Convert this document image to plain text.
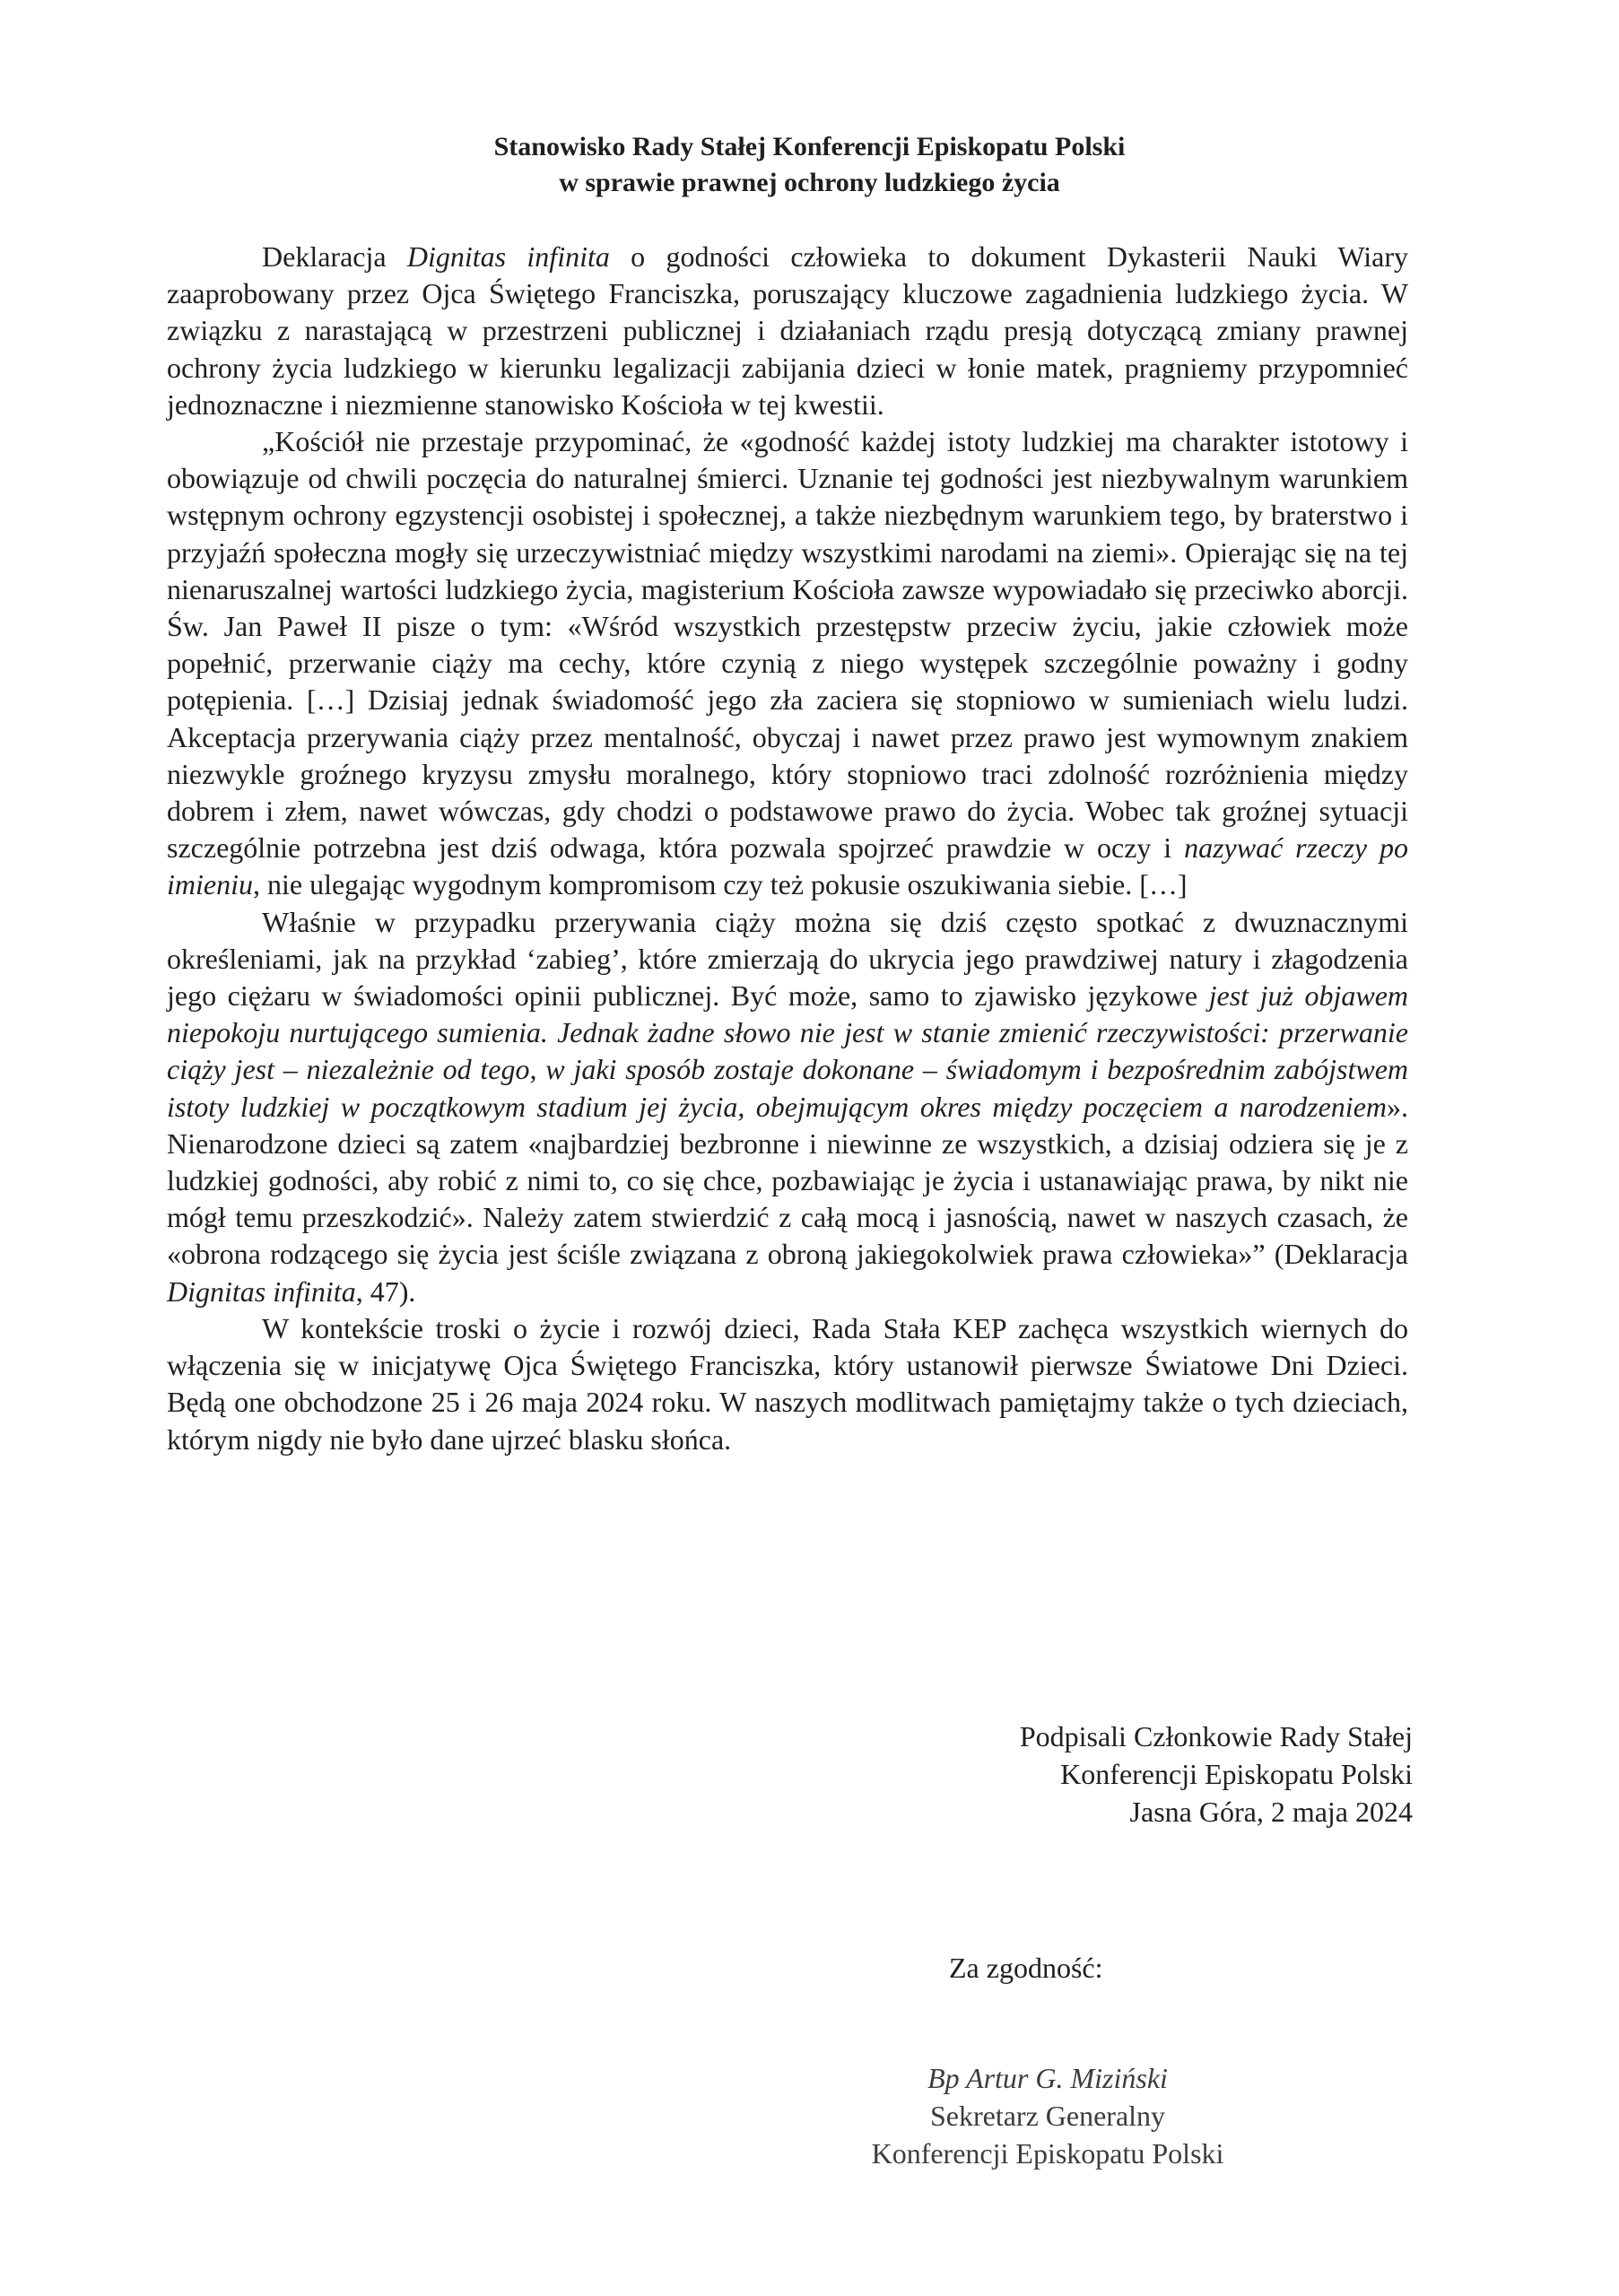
Stanowisko Rady Stałej Konferencji Episkopatu Polski
w sprawie prawnej ochrony ludzkiego życia

Deklaracja Dignitas infinita o godności człowieka to dokument Dykasterii Nauki Wiary zaaprobowany przez Ojca Świętego Franciszka, poruszający kluczowe zagadnienia ludzkiego życia. W związku z narastającą w przestrzeni publicznej i działaniach rządu presją dotyczącą zmiany prawnej ochrony życia ludzkiego w kierunku legalizacji zabijania dzieci w łonie matek, pragniemy przypomnieć jednoznaczne i niezmienne stanowisko Kościoła w tej kwestii.

„Kościół nie przestaje przypominać, że «godność każdej istoty ludzkiej ma charakter istotowy i obowiązuje od chwili poczęcia do naturalnej śmierci. Uznanie tej godności jest niezbywalnym warunkiem wstępnym ochrony egzystencji osobistej i społecznej, a także niezbędnym warunkiem tego, by braterstwo i przyjaźń społeczna mogły się urzeczywistniać między wszystkimi narodami na ziemi». Opierając się na tej nienaruszalnej wartości ludzkiego życia, magisterium Kościoła zawsze wypowiadało się przeciwko aborcji. Św. Jan Paweł II pisze o tym: «Wśród wszystkich przestępstw przeciw życiu, jakie człowiek może popełnić, przerwanie ciąży ma cechy, które czynią z niego występek szczególnie poważny i godny potępienia. […] Dzisiaj jednak świadomość jego zła zaciera się stopniowo w sumieniach wielu ludzi. Akceptacja przerywania ciąży przez mentalność, obyczaj i nawet przez prawo jest wymownym znakiem niezwykle groźnego kryzysu zmysłu moralnego, który stopniowo traci zdolność rozróżnienia między dobrem i złem, nawet wówczas, gdy chodzi o podstawowe prawo do życia. Wobec tak groźnej sytuacji szczególnie potrzebna jest dziś odwaga, która pozwala spojrzeć prawdzie w oczy i nazywać rzeczy po imieniu, nie ulegając wygodnym kompromisom czy też pokusie oszukiwania siebie. […]

Właśnie w przypadku przerywania ciąży można się dziś często spotkać z dwuznacznymi określeniami, jak na przykład ‘zabieg’, które zmierzają do ukrycia jego prawdziwej natury i złagodzenia jego ciężaru w świadomości opinii publicznej. Być może, samo to zjawisko językowe jest już objawem niepokoju nurtującego sumienia. Jednak żadne słowo nie jest w stanie zmienić rzeczywistości: przerwanie ciąży jest – niezależnie od tego, w jaki sposób zostaje dokonane – świadomym i bezpośrednim zabójstwem istoty ludzkiej w początkowym stadium jej życia, obejmującym okres między poczęciem a narodzeniem». Nienarodzone dzieci są zatem «najbardziej bezbronne i niewinne ze wszystkich, a dzisiaj odziera się je z ludzkiej godności, aby robić z nimi to, co się chce, pozbawiając je życia i ustanawiając prawa, by nikt nie mógł temu przeszkodzić». Należy zatem stwierdzić z całą mocą i jasnością, nawet w naszych czasach, że «obrona rodzącego się życia jest ściśle związana z obroną jakiegokolwiek prawa człowieka»” (Deklaracja Dignitas infinita, 47).

W kontekście troski o życie i rozwój dzieci, Rada Stała KEP zachęca wszystkich wiernych do włączenia się w inicjatywę Ojca Świętego Franciszka, który ustanowił pierwsze Światowe Dni Dzieci. Będą one obchodzone 25 i 26 maja 2024 roku. W naszych modlitwach pamiętajmy także o tych dzieciach, którym nigdy nie było dane ujrzeć blasku słońca.

Podpisali Członkowie Rady Stałej
Konferencji Episkopatu Polski
Jasna Góra, 2 maja 2024
Za zgodność:
Bp Artur G. Miziński
Sekretarz Generalny
Konferencji Episkopatu Polski
